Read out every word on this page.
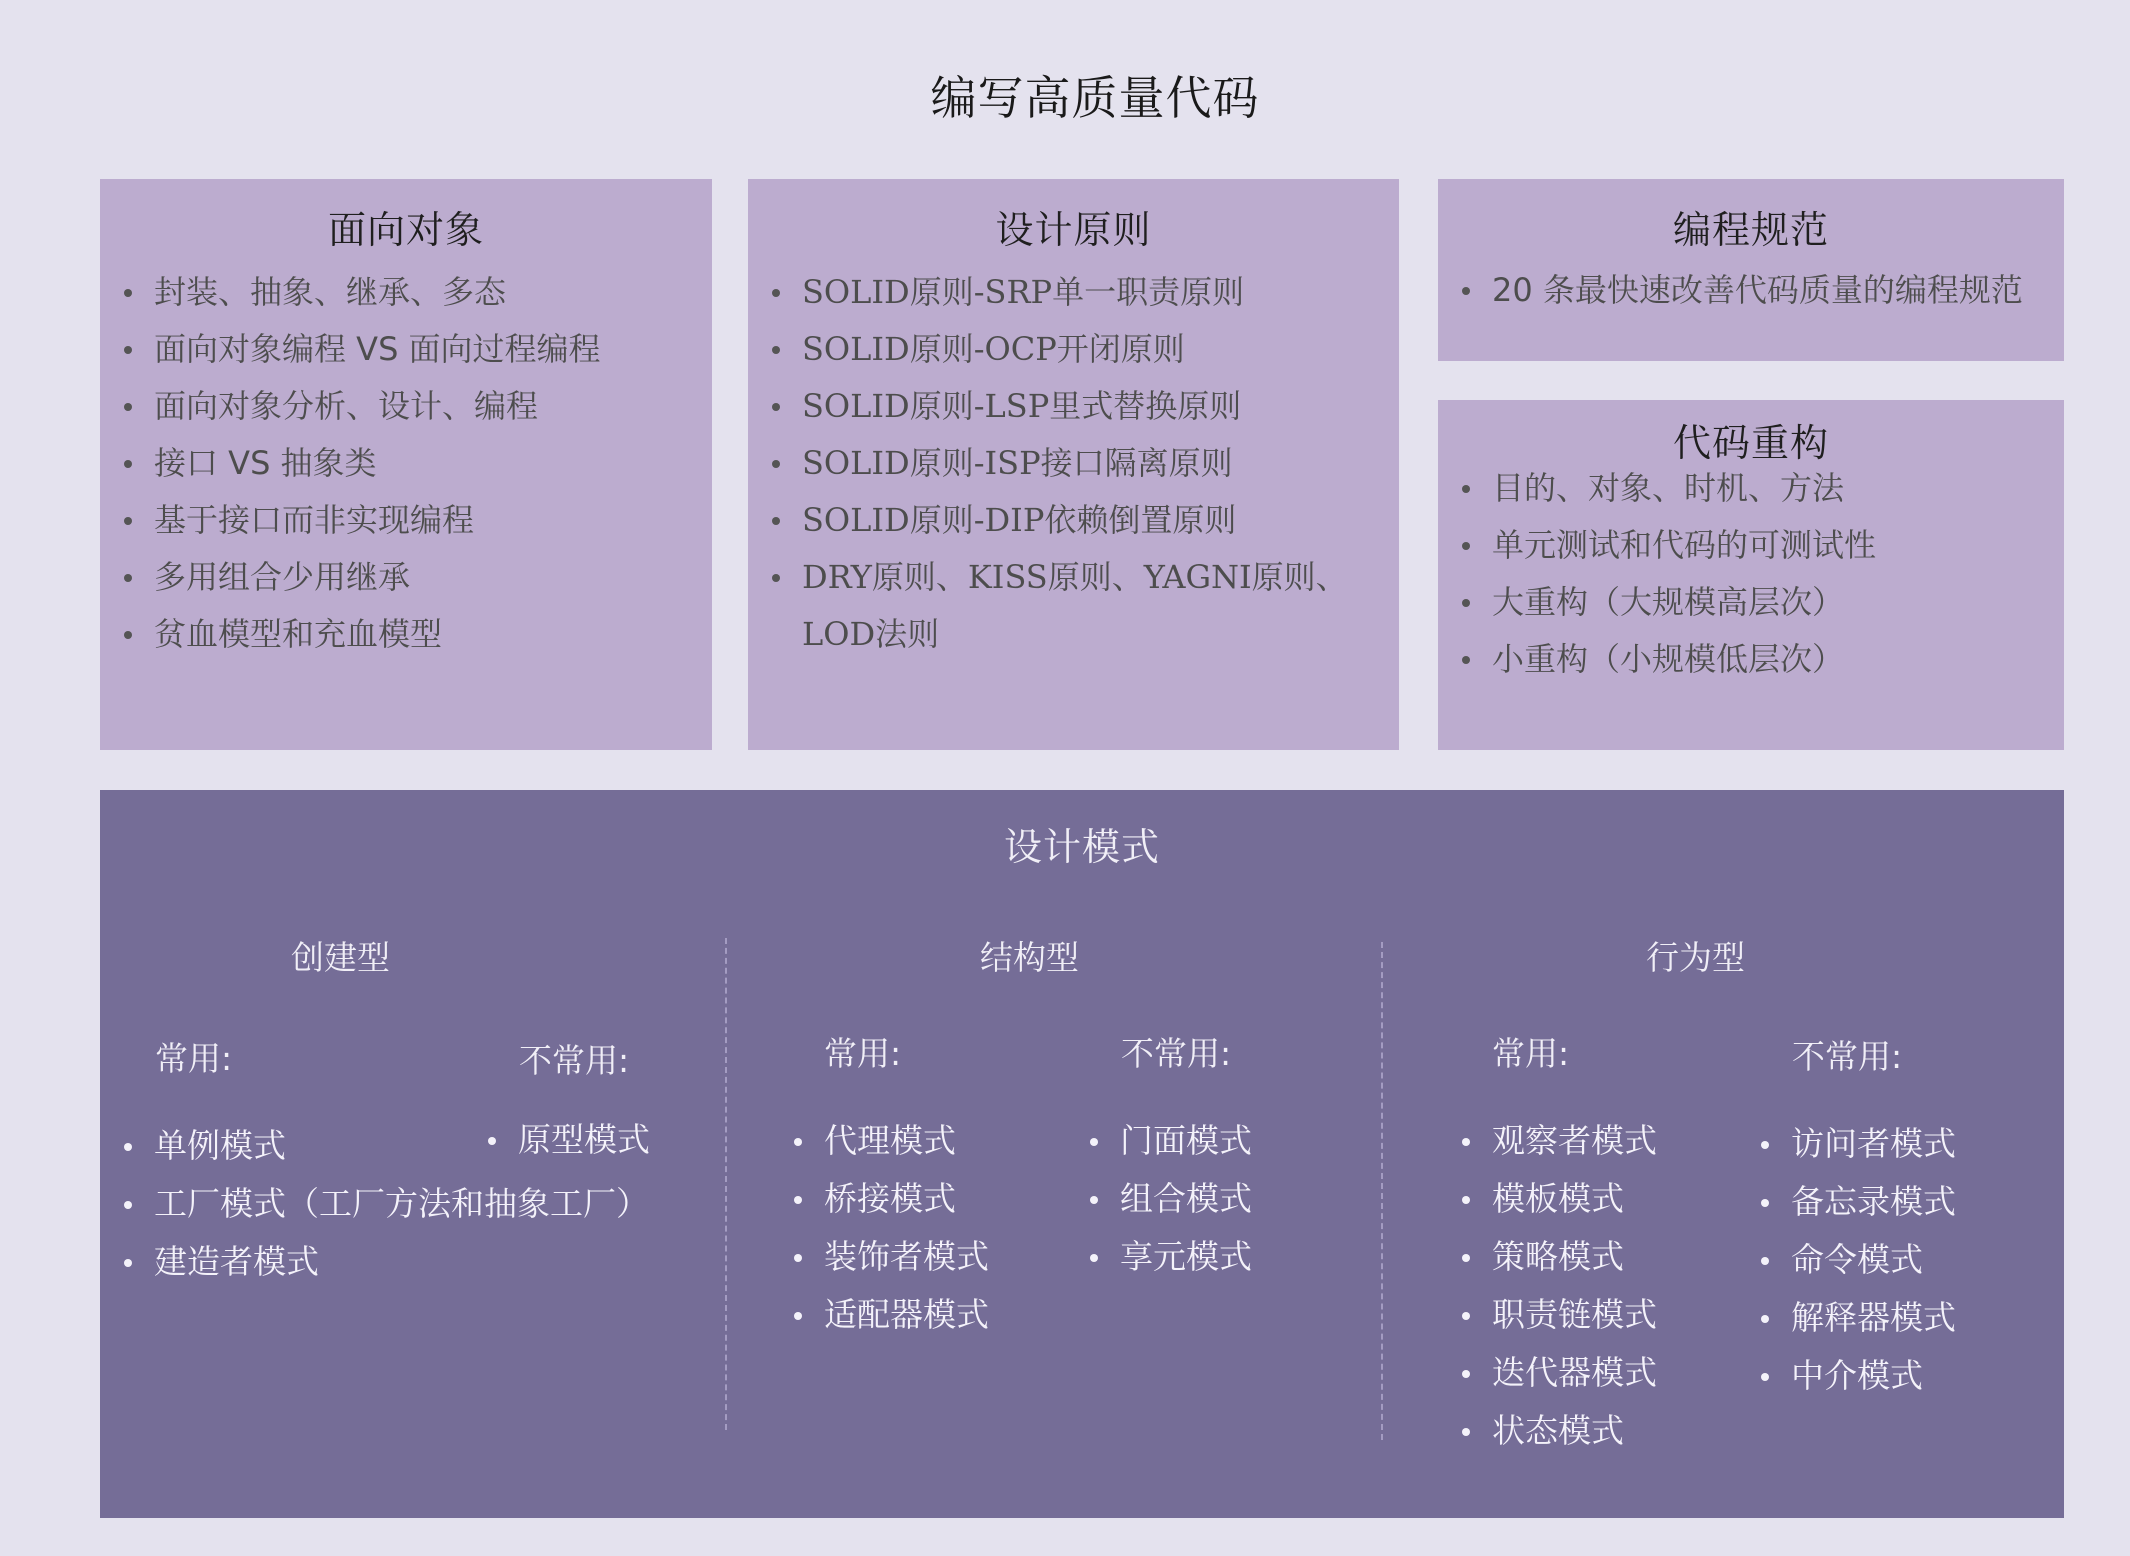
编写高质量代码
面向对象
封装、抽象、继承、多态
面向对象编程 VS 面向过程编程
面向对象分析、设计、编程
接口 VS 抽象类
基于接口而非实现编程
多用组合少用继承
贫血模型和充血模型
设计原则
SOLID原则-SRP单一职责原则
SOLID原则-OCP开闭原则
SOLID原则-LSP里式替换原则
SOLID原则-ISP接口隔离原则
SOLID原则-DIP依赖倒置原则
DRY原则、KISS原则、YAGNI原则、LOD法则
编程规范
20 条最快速改善代码质量的编程规范
代码重构
目的、对象、时机、方法
单元测试和代码的可测试性
大重构（大规模高层次）
小重构（小规模低层次）
设计模式
创建型
常用:	不常用:
单例模式
工厂模式（工厂方法和抽象工厂）
建造者模式
原型模式
结构型
常用:	不常用:
代理模式
桥接模式
装饰者模式
适配器模式
门面模式
组合模式
享元模式
行为型
常用:	不常用:
观察者模式
模板模式
策略模式
职责链模式
迭代器模式
状态模式
访问者模式
备忘录模式
命令模式
解释器模式
中介模式
